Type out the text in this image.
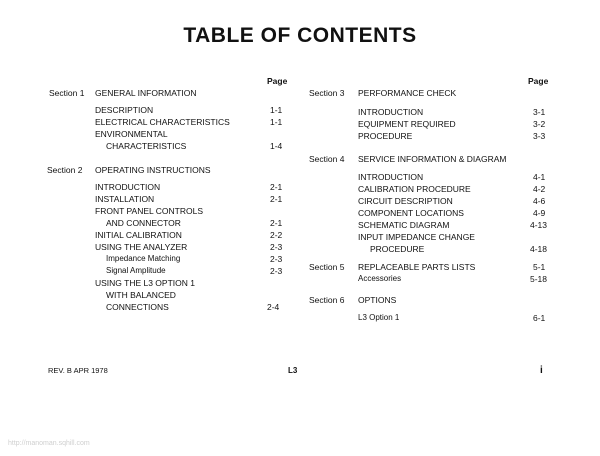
TABLE OF CONTENTS
Page
Section 1 GENERAL INFORMATION
DESCRIPTION	1-1
ELECTRICAL CHARACTERISTICS	1-1
ENVIRONMENTAL
CHARACTERISTICS	1-4
Section 2 OPERATING INSTRUCTIONS
INTRODUCTION	2-1
INSTALLATION	2-1
FRONT PANEL CONTROLS
AND CONNECTOR	2-1
INITIAL CALIBRATION	2-2
USING THE ANALYZER	2-3
Impedance Matching	2-3
Signal Amplitude	2-3
USING THE L3 OPTION 1
WITH BALANCED
CONNECTIONS	2-4
Page
Section 3 PERFORMANCE CHECK
INTRODUCTION	3-1
EQUIPMENT REQUIRED	3-2
PROCEDURE	3-3
Section 4 SERVICE INFORMATION & DIAGRAM
INTRODUCTION	4-1
CALIBRATION PROCEDURE	4-2
CIRCUIT DESCRIPTION	4-6
COMPONENT LOCATIONS	4-9
SCHEMATIC DIAGRAM	4-13
INPUT IMPEDANCE CHANGE
PROCEDURE	4-18
Section 5 REPLACEABLE PARTS LISTS	5-1
Accessories	5-18
Section 6 OPTIONS
L3 Option 1	6-1
REV. B APR 1978	L3	i
http://manoman.sqhill.com
